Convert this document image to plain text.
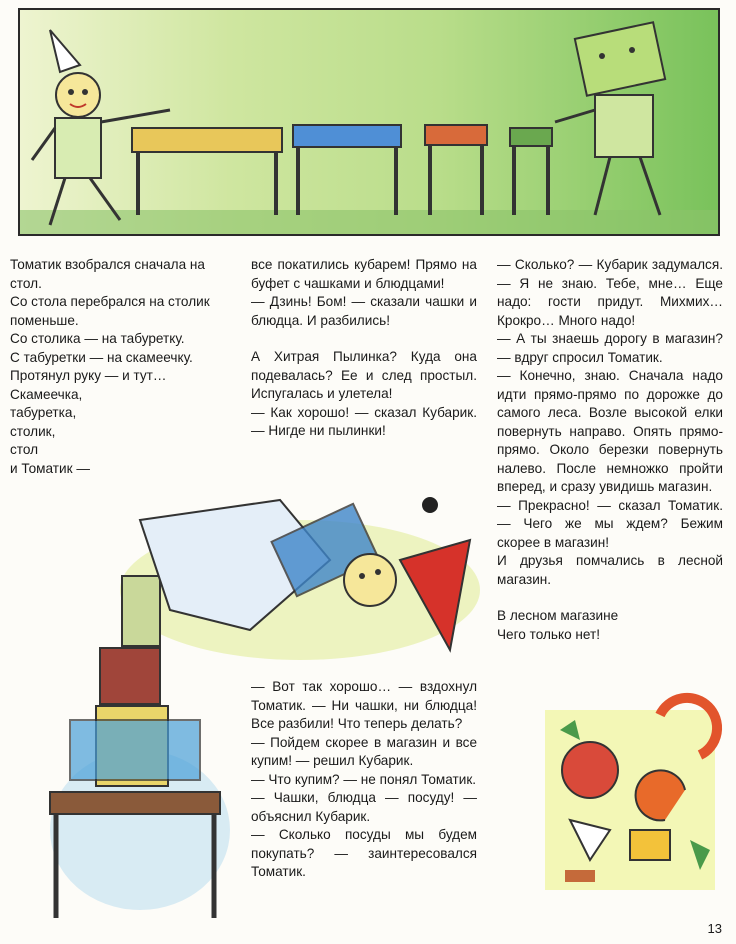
Томатик взобрался сначала на стол.

Со стола перебрался на столик поменьше.

Со столика — на табуретку.

С табуретки — на скамеечку.

Протянул руку — и тут…

Скамеечка,

табуретка,

столик,

стол

и Томатик —

все покатились кубарем! Прямо на буфет с чашками и блюдцами!

— Дзинь! Бом! — сказали чашки и блюдца. И разбились!

А Хитрая Пылинка? Куда она подевалась? Ее и след простыл. Испугалась и улетела!

— Как хорошо! — сказал Кубарик. — Нигде ни пылинки!

— Сколько? — Кубарик задумался. — Я не знаю. Тебе, мне… Еще надо: гости придут. Михмих… Крокро… Много надо!

— А ты знаешь дорогу в магазин? — вдруг спросил Томатик.

— Конечно, знаю. Сначала надо идти прямо-прямо по дорожке до самого леса. Возле высокой елки повернуть направо. Опять прямо-прямо. Около березки повернуть налево. После немножко пройти вперед, и сразу увидишь магазин.

— Прекрасно! — сказал Томатик. — Чего же мы ждем? Бежим скорее в магазин!

И друзья помчались в лесной магазин.

В лесном магазине

Чего только нет!

— Вот так хорошо… — вздохнул Томатик. — Ни чашки, ни блюдца! Все разбили! Что теперь делать?

— Пойдем скорее в магазин и все купим! — решил Кубарик.

— Что купим? — не понял Томатик.

— Чашки, блюдца — посуду! — объяснил Кубарик.

— Сколько посуды мы будем покупать? — заинтересовался Томатик.

13
